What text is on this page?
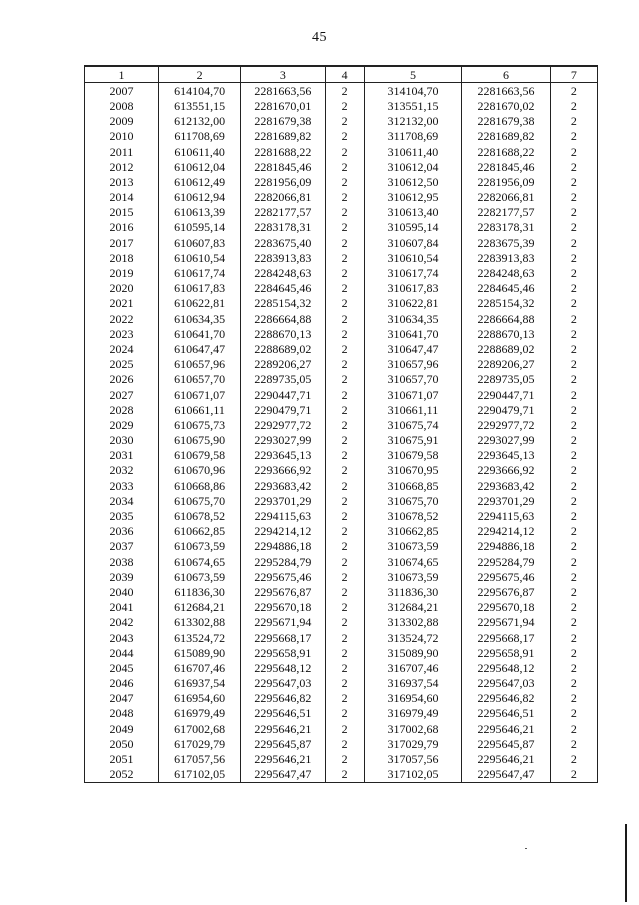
45
1	2	3	4	5	6	7
2007	614104,70	2281663,56	2	314104,70	2281663,56	2
2008	613551,15	2281670,01	2	313551,15	2281670,02	2
2009	612132,00	2281679,38	2	312132,00	2281679,38	2
2010	611708,69	2281689,82	2	311708,69	2281689,82	2
2011	610611,40	2281688,22	2	310611,40	2281688,22	2
2012	610612,04	2281845,46	2	310612,04	2281845,46	2
2013	610612,49	2281956,09	2	310612,50	2281956,09	2
2014	610612,94	2282066,81	2	310612,95	2282066,81	2
2015	610613,39	2282177,57	2	310613,40	2282177,57	2
2016	610595,14	2283178,31	2	310595,14	2283178,31	2
2017	610607,83	2283675,40	2	310607,84	2283675,39	2
2018	610610,54	2283913,83	2	310610,54	2283913,83	2
2019	610617,74	2284248,63	2	310617,74	2284248,63	2
2020	610617,83	2284645,46	2	310617,83	2284645,46	2
2021	610622,81	2285154,32	2	310622,81	2285154,32	2
2022	610634,35	2286664,88	2	310634,35	2286664,88	2
2023	610641,70	2288670,13	2	310641,70	2288670,13	2
2024	610647,47	2288689,02	2	310647,47	2288689,02	2
2025	610657,96	2289206,27	2	310657,96	2289206,27	2
2026	610657,70	2289735,05	2	310657,70	2289735,05	2
2027	610671,07	2290447,71	2	310671,07	2290447,71	2
2028	610661,11	2290479,71	2	310661,11	2290479,71	2
2029	610675,73	2292977,72	2	310675,74	2292977,72	2
2030	610675,90	2293027,99	2	310675,91	2293027,99	2
2031	610679,58	2293645,13	2	310679,58	2293645,13	2
2032	610670,96	2293666,92	2	310670,95	2293666,92	2
2033	610668,86	2293683,42	2	310668,85	2293683,42	2
2034	610675,70	2293701,29	2	310675,70	2293701,29	2
2035	610678,52	2294115,63	2	310678,52	2294115,63	2
2036	610662,85	2294214,12	2	310662,85	2294214,12	2
2037	610673,59	2294886,18	2	310673,59	2294886,18	2
2038	610674,65	2295284,79	2	310674,65	2295284,79	2
2039	610673,59	2295675,46	2	310673,59	2295675,46	2
2040	611836,30	2295676,87	2	311836,30	2295676,87	2
2041	612684,21	2295670,18	2	312684,21	2295670,18	2
2042	613302,88	2295671,94	2	313302,88	2295671,94	2
2043	613524,72	2295668,17	2	313524,72	2295668,17	2
2044	615089,90	2295658,91	2	315089,90	2295658,91	2
2045	616707,46	2295648,12	2	316707,46	2295648,12	2
2046	616937,54	2295647,03	2	316937,54	2295647,03	2
2047	616954,60	2295646,82	2	316954,60	2295646,82	2
2048	616979,49	2295646,51	2	316979,49	2295646,51	2
2049	617002,68	2295646,21	2	317002,68	2295646,21	2
2050	617029,79	2295645,87	2	317029,79	2295645,87	2
2051	617057,56	2295646,21	2	317057,56	2295646,21	2
2052	617102,05	2295647,47	2	317102,05	2295647,47	2
